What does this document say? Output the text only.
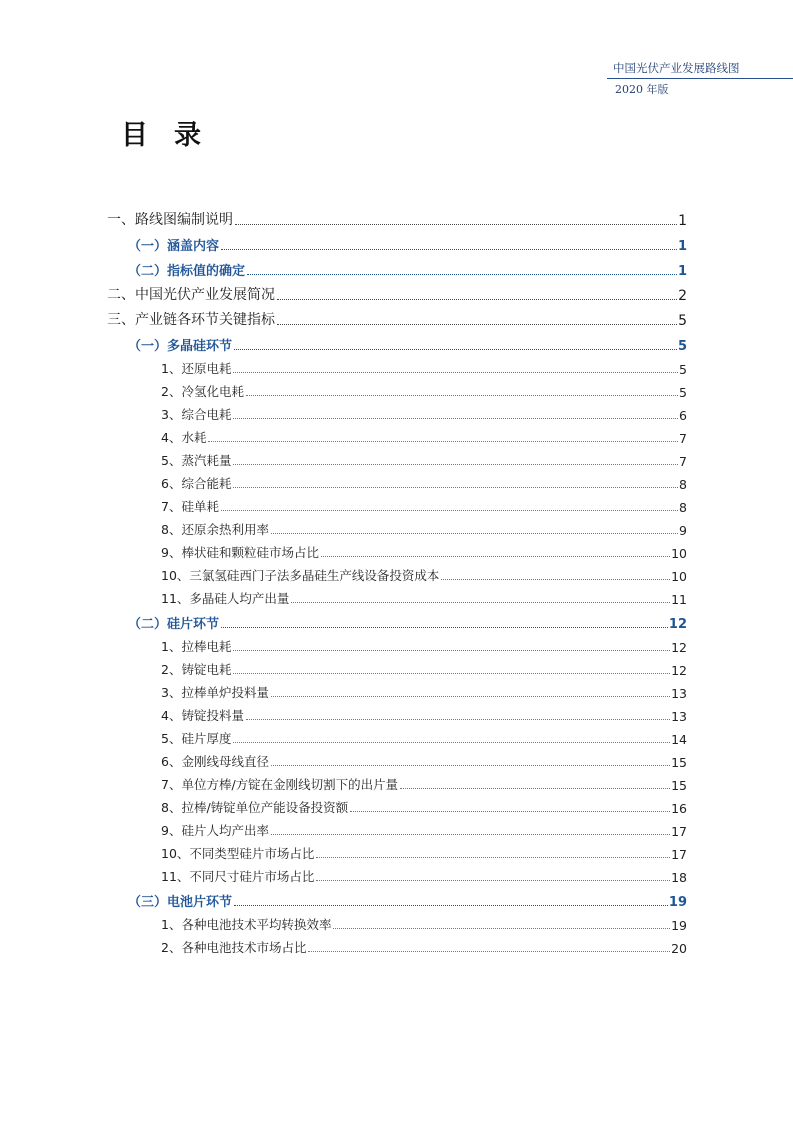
中国光伏产业发展路线图
2020 年版
目录
一、路线图编制说明	1
（一）涵盖内容	1
（二）指标值的确定	1
二、中国光伏产业发展简况	2
三、产业链各环节关键指标	5
（一）多晶硅环节	5
1、还原电耗	5
2、冷氢化电耗	5
3、综合电耗	6
4、水耗	7
5、蒸汽耗量	7
6、综合能耗	8
7、硅单耗	8
8、还原余热利用率	9
9、棒状硅和颗粒硅市场占比	10
10、三氯氢硅西门子法多晶硅生产线设备投资成本	10
11、多晶硅人均产出量	11
（二）硅片环节	12
1、拉棒电耗	12
2、铸锭电耗	12
3、拉棒单炉投料量	13
4、铸锭投料量	13
5、硅片厚度	14
6、金刚线母线直径	15
7、单位方棒/方锭在金刚线切割下的出片量	15
8、拉棒/铸锭单位产能设备投资额	16
9、硅片人均产出率	17
10、不同类型硅片市场占比	17
11、不同尺寸硅片市场占比	18
（三）电池片环节	19
1、各种电池技术平均转换效率	19
2、各种电池技术市场占比	20
